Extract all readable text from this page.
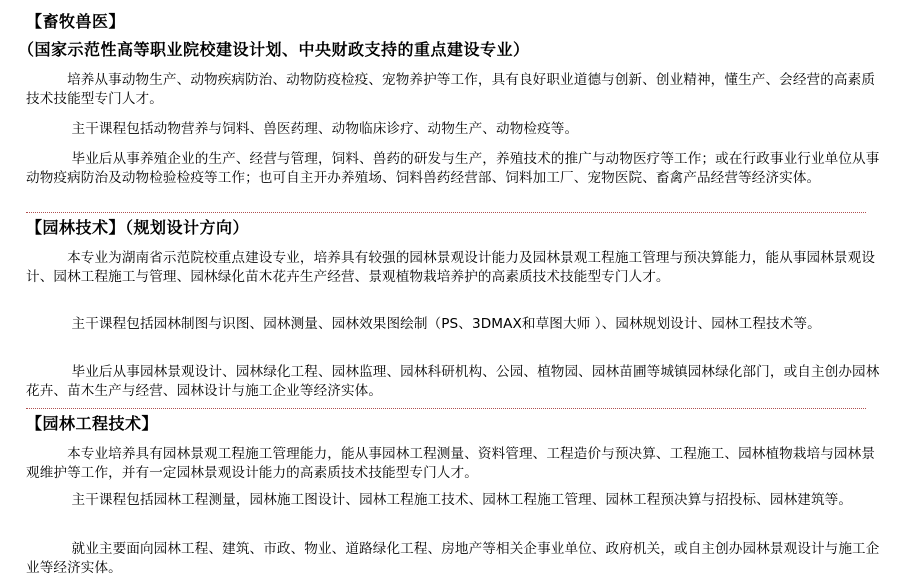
【畜牧兽医】
（国家示范性高等职业院校建设计划、中央财政支持的重点建设专业）

　　　培养从事动物生产、动物疾病防治、动物防疫检疫、宠物养护等工作，具有良好职业道德与创新、创业精神，懂生产、会经营的高素质技术技能型专门人才。

　　　 主干课程包括动物营养与饲料、兽医药理、动物临床诊疗、动物生产、动物检疫等。

　　　 毕业后从事养殖企业的生产、经营与管理，饲料、兽药的研发与生产，养殖技术的推广与动物医疗等工作；或在行政事业行业单位从事动物疫病防治及动物检验检疫等工作；也可自主开办养殖场、饲料兽药经营部、饲料加工厂、宠物医院、畜禽产品经营等经济实体。

【园林技术】（规划设计方向）

　　　本专业为湖南省示范院校重点建设专业，培养具有较强的园林景观设计能力及园林景观工程施工管理与预决算能力，能从事园林景观设计、园林工程施工与管理、园林绿化苗木花卉生产经营、景观植物栽培养护的高素质技术技能型专门人才。

　　　 主干课程包括园林制图与识图、园林测量、园林效果图绘制（PS、3DMAX和草图大师 ）、园林规划设计、园林工程技术等。

　　　 毕业后从事园林景观设计、园林绿化工程、园林监理、园林科研机构、公园、植物园、园林苗圃等城镇园林绿化部门，或自主创办园林花卉、苗木生产与经营、园林设计与施工企业等经济实体。

【园林工程技术】

　　　本专业培养具有园林景观工程施工管理能力，能从事园林工程测量、资料管理、工程造价与预决算、工程施工、园林植物栽培与园林景观维护等工作，并有一定园林景观设计能力的高素质技术技能型专门人才。

　　　 主干课程包括园林工程测量，园林施工图设计、园林工程施工技术、园林工程施工管理、园林工程预决算与招投标、园林建筑等。

　　　 就业主要面向园林工程、建筑、市政、物业、道路绿化工程、房地产等相关企事业单位、政府机关，或自主创办园林景观设计与施工企业等经济实体。
